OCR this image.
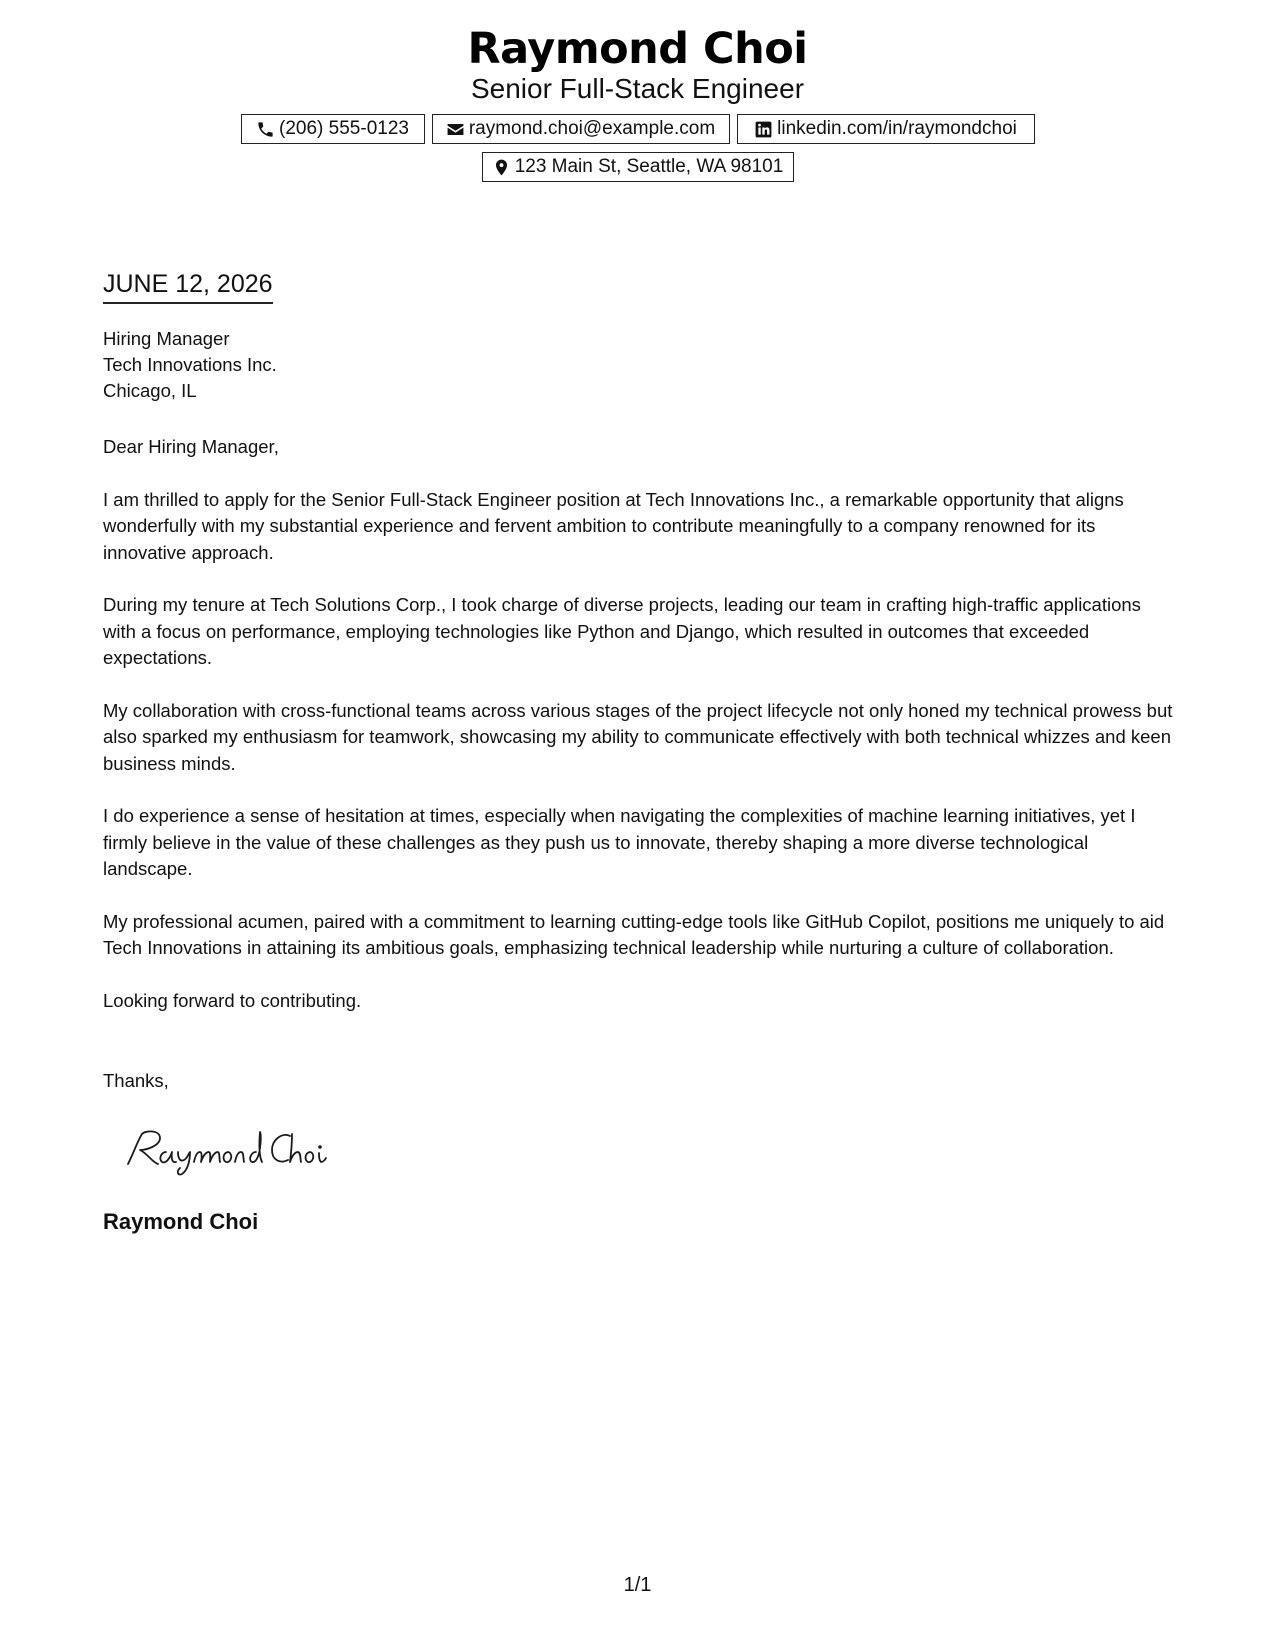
Raymond Choi
Senior Full-Stack Engineer
(206) 555-0123	raymond.choi@example.com	linkedin.com/in/raymondchoi
123 Main St, Seattle, WA 98101
JUNE 12, 2026
Hiring Manager
Tech Innovations Inc.
Chicago, IL

Dear Hiring Manager,

I am thrilled to apply for the Senior Full-Stack Engineer position at Tech Innovations Inc., a remarkable opportunity that aligns wonderfully with my substantial experience and fervent ambition to contribute meaningfully to a company renowned for its innovative approach.

During my tenure at Tech Solutions Corp., I took charge of diverse projects, leading our team in crafting high-traffic applications with a focus on performance, employing technologies like Python and Django, which resulted in outcomes that exceeded expectations.

My collaboration with cross-functional teams across various stages of the project lifecycle not only honed my technical prowess but also sparked my enthusiasm for teamwork, showcasing my ability to communicate effectively with both technical whizzes and keen business minds.

I do experience a sense of hesitation at times, especially when navigating the complexities of machine learning initiatives, yet I firmly believe in the value of these challenges as they push us to innovate, thereby shaping a more diverse technological landscape.

My professional acumen, paired with a commitment to learning cutting-edge tools like GitHub Copilot, positions me uniquely to aid Tech Innovations in attaining its ambitious goals, emphasizing technical leadership while nurturing a culture of collaboration.

Looking forward to contributing.

Thanks,
Raymond Choi
1/1
